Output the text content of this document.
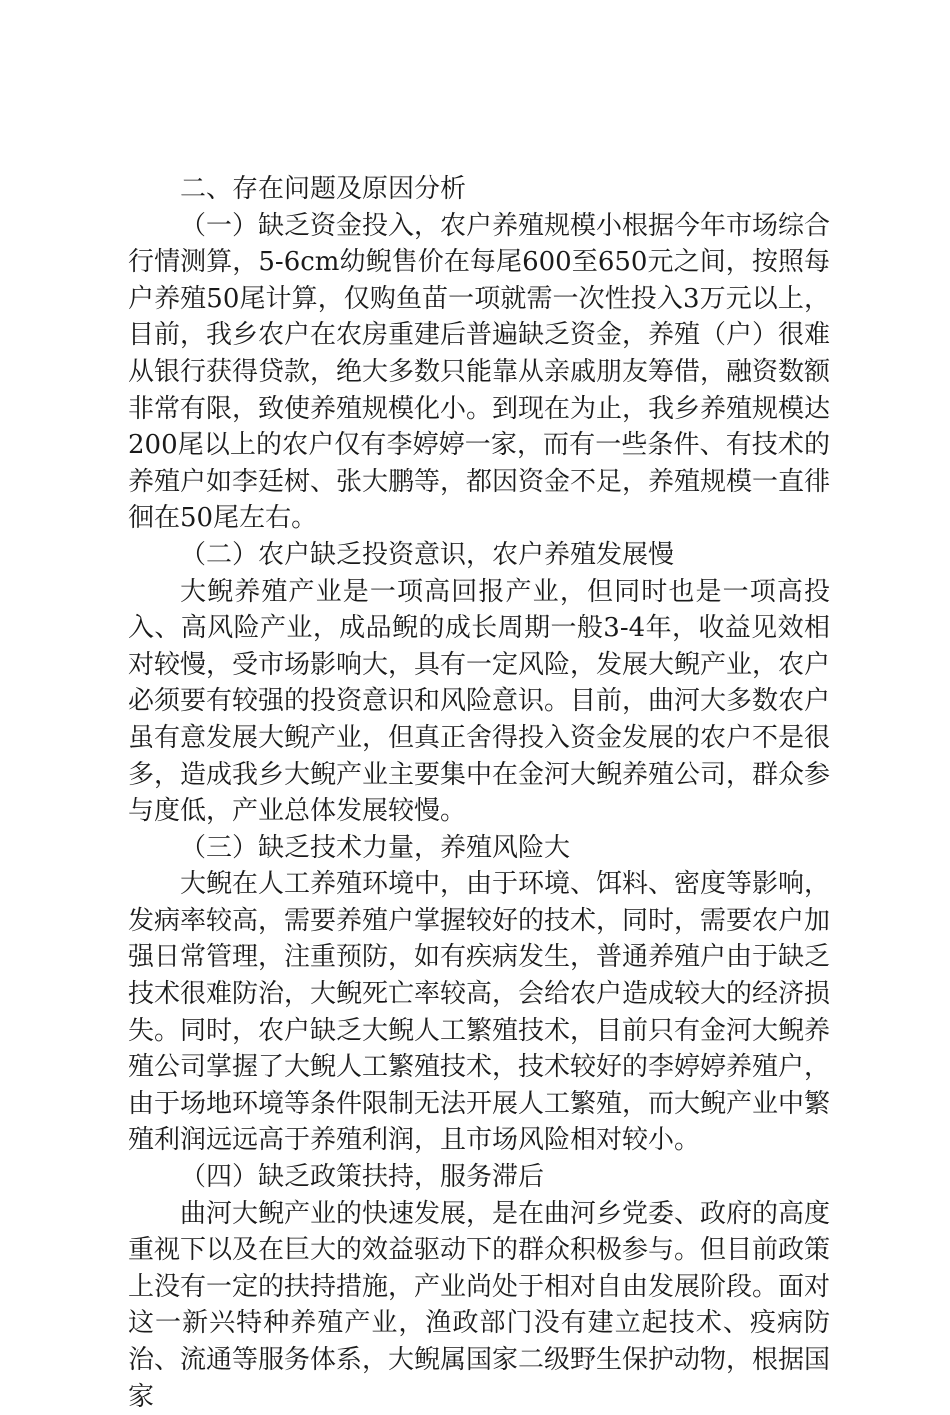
二、存在问题及原因分析

（一）缺乏资金投入，农户养殖规模小根据今年市场综合行情测算，5-6cm幼鲵售价在每尾600至650元之间，按照每户养殖50尾计算，仅购鱼苗一项就需一次性投入3万元以上，目前，我乡农户在农房重建后普遍缺乏资金，养殖（户）很难从银行获得贷款，绝大多数只能靠从亲戚朋友筹借，融资数额非常有限，致使养殖规模化小。到现在为止，我乡养殖规模达200尾以上的农户仅有李婷婷一家，而有一些条件、有技术的养殖户如李廷树、张大鹏等，都因资金不足，养殖规模一直徘徊在50尾左右。

（二）农户缺乏投资意识，农户养殖发展慢

大鲵养殖产业是一项高回报产业，但同时也是一项高投入、高风险产业，成品鲵的成长周期一般3-4年，收益见效相对较慢，受市场影响大，具有一定风险，发展大鲵产业，农户必须要有较强的投资意识和风险意识。目前，曲河大多数农户虽有意发展大鲵产业，但真正舍得投入资金发展的农户不是很多，造成我乡大鲵产业主要集中在金河大鲵养殖公司，群众参与度低，产业总体发展较慢。

（三）缺乏技术力量，养殖风险大

大鲵在人工养殖环境中，由于环境、饵料、密度等影响，发病率较高，需要养殖户掌握较好的技术，同时，需要农户加强日常管理，注重预防，如有疾病发生，普通养殖户由于缺乏技术很难防治，大鲵死亡率较高，会给农户造成较大的经济损失。同时，农户缺乏大鲵人工繁殖技术，目前只有金河大鲵养殖公司掌握了大鲵人工繁殖技术，技术较好的李婷婷养殖户，由于场地环境等条件限制无法开展人工繁殖，而大鲵产业中繁殖利润远远高于养殖利润，且市场风险相对较小。

（四）缺乏政策扶持，服务滞后

曲河大鲵产业的快速发展，是在曲河乡党委、政府的高度重视下以及在巨大的效益驱动下的群众积极参与。但目前政策上没有一定的扶持措施，产业尚处于相对自由发展阶段。面对这一新兴特种养殖产业，渔政部门没有建立起技术、疫病防治、流通等服务体系，大鲵属国家二级野生保护动物，根据国家
